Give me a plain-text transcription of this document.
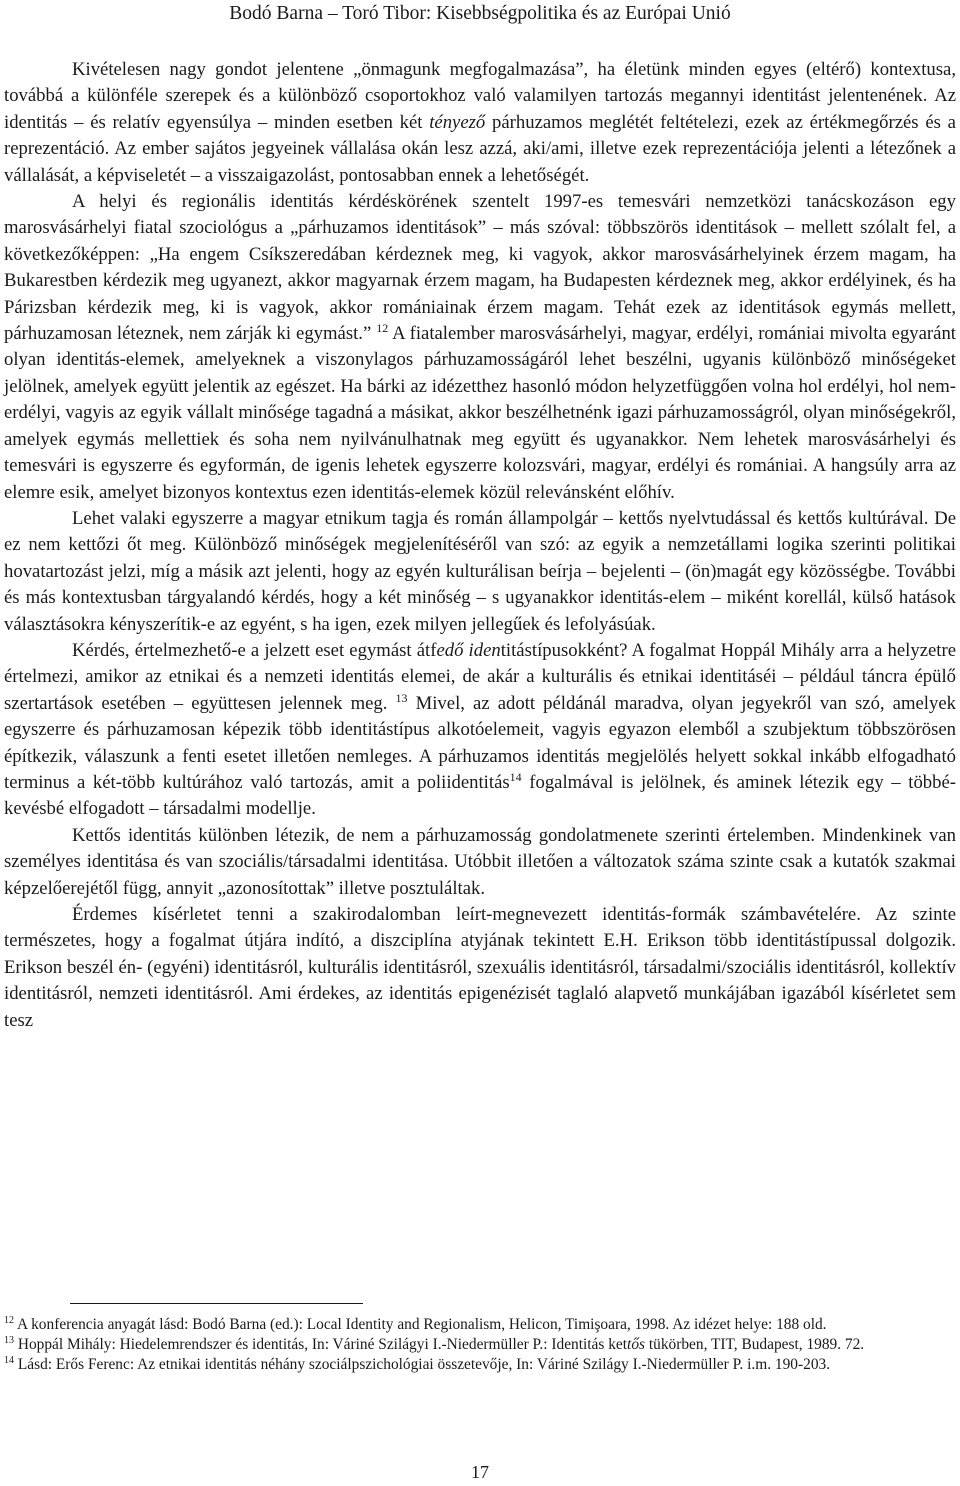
Bodó Barna – Toró Tibor: Kisebbségpolitika és az Európai Unió

Kivételesen nagy gondot jelentene „önmagunk megfogalmazása”, ha életünk minden egyes (eltérő) kontextusa, továbbá a különféle szerepek és a különböző csoportokhoz való valamilyen tartozás megannyi identitást jelentenének. Az identitás – és relatív egyensúlya – minden esetben két tényező párhuzamos meglétét feltételezi, ezek az értékmegőrzés és a reprezentáció. Az ember sajátos jegyeinek vállalása okán lesz azzá, aki/ami, illetve ezek reprezentációja jelenti a létezőnek a vállalását, a képviseletét – a visszaigazolást, pontosabban ennek a lehetőségét.

A helyi és regionális identitás kérdéskörének szentelt 1997-es temesvári nemzetközi tanácskozáson egy marosvásárhelyi fiatal szociológus a „párhuzamos identitások” – más szóval: többszörös identitások – mellett szólalt fel, a következőképpen: „Ha engem Csíkszeredában kérdeznek meg, ki vagyok, akkor marosvásárhelyinek érzem magam, ha Bukarestben kérdezik meg ugyanezt, akkor magyarnak érzem magam, ha Budapesten kérdeznek meg, akkor erdélyinek, és ha Párizsban kérdezik meg, ki is vagyok, akkor romániainak érzem magam. Tehát ezek az identitások egymás mellett, párhuzamosan léteznek, nem zárják ki egymást.” $^{12}$ A fiatalember marosvásárhelyi, magyar, erdélyi, romániai mivolta egyaránt olyan identitás-elemek, amelyeknek a viszonylagos párhuzamosságáról lehet beszélni, ugyanis különböző minőségeket jelölnek, amelyek együtt jelentik az egészet. Ha bárki az idézetthez hasonló módon helyzetfüggően volna hol erdélyi, hol nem-erdélyi, vagyis az egyik vállalt minősége tagadná a másikat, akkor beszélhetnénk igazi párhuzamosságról, olyan minőségekről, amelyek egymás mellettiek és soha nem nyilvánulhatnak meg együtt és ugyanakkor. Nem lehetek marosvásárhelyi és temesvári is egyszerre és egyformán, de igenis lehetek egyszerre kolozsvári, magyar, erdélyi és romániai. A hangsúly arra az elemre esik, amelyet bizonyos kontextus ezen identitás-elemek közül relevánsként előhív.

Lehet valaki egyszerre a magyar etnikum tagja és román állampolgár – kettős nyelvtudással és kettős kultúrával. De ez nem kettőzi őt meg. Különböző minőségek megjelenítéséről van szó: az egyik a nemzetállami logika szerinti politikai hovatartozást jelzi, míg a másik azt jelenti, hogy az egyén kulturálisan beírja – bejelenti – (ön)magát egy közösségbe. További és más kontextusban tárgyalandó kérdés, hogy a két minőség – s ugyanakkor identitás-elem – miként korellál, külső hatások választásokra kényszerítik-e az egyént, s ha igen, ezek milyen jellegűek és lefolyásúak.

Kérdés, értelmezhető-e a jelzett eset egymást átfedő identitástípusokként? A fogalmat Hoppál Mihály arra a helyzetre értelmezi, amikor az etnikai és a nemzeti identitás elemei, de akár a kulturális és etnikai identitáséi – például táncra épülő szertartások esetében – együttesen jelennek meg. $^{13}$ Mivel, az adott példánál maradva, olyan jegyekről van szó, amelyek egyszerre és párhuzamosan képezik több identitástípus alkotóelemeit, vagyis egyazon elemből a szubjektum többszörösen építkezik, válaszunk a fenti esetet illetően nemleges. A párhuzamos identitás megjelölés helyett sokkal inkább elfogadható terminus a két-több kultúrához való tartozás, amit a poliidentitás$^{14}$ fogalmával is jelölnek, és aminek létezik egy – többé-kevésbé elfogadott – társadalmi modellje.

Kettős identitás különben létezik, de nem a párhuzamosság gondolatmenete szerinti értelemben. Mindenkinek van személyes identitása és van szociális/társadalmi identitása. Utóbbit illetően a változatok száma szinte csak a kutatók szakmai képzelőerejétől függ, annyit „azonosítottak” illetve posztuláltak.

Érdemes kísérletet tenni a szakirodalomban leírt-megnevezett identitás-formák számbavételére. Az szinte természetes, hogy a fogalmat útjára indító, a diszciplína atyjának tekintett E.H. Erikson több identitástípussal dolgozik. Erikson beszél én- (egyéni) identitásról, kulturális identitásról, szexuális identitásról, társadalmi/szociális identitásról, kollektív identitásról, nemzeti identitásról. Ami érdekes, az identitás epigenézisét taglaló alapvető munkájában igazából kísérletet sem tesz

$^{12}$ A konferencia anyagát lásd: Bodó Barna (ed.): Local Identity and Regionalism, Helicon, Timişoara, 1998. Az idézet helye: 188 old.

$^{13}$ Hoppál Mihály: Hiedelemrendszer és identitás, In: Váriné Szilágyi I.-Niedermüller P.: Identitás kettős tükörben, TIT, Budapest, 1989. 72.

$^{14}$ Lásd: Erős Ferenc: Az etnikai identitás néhány szociálpszichológiai összetevője, In: Váriné Szilágy I.-Niedermüller P. i.m. 190-203.

17
